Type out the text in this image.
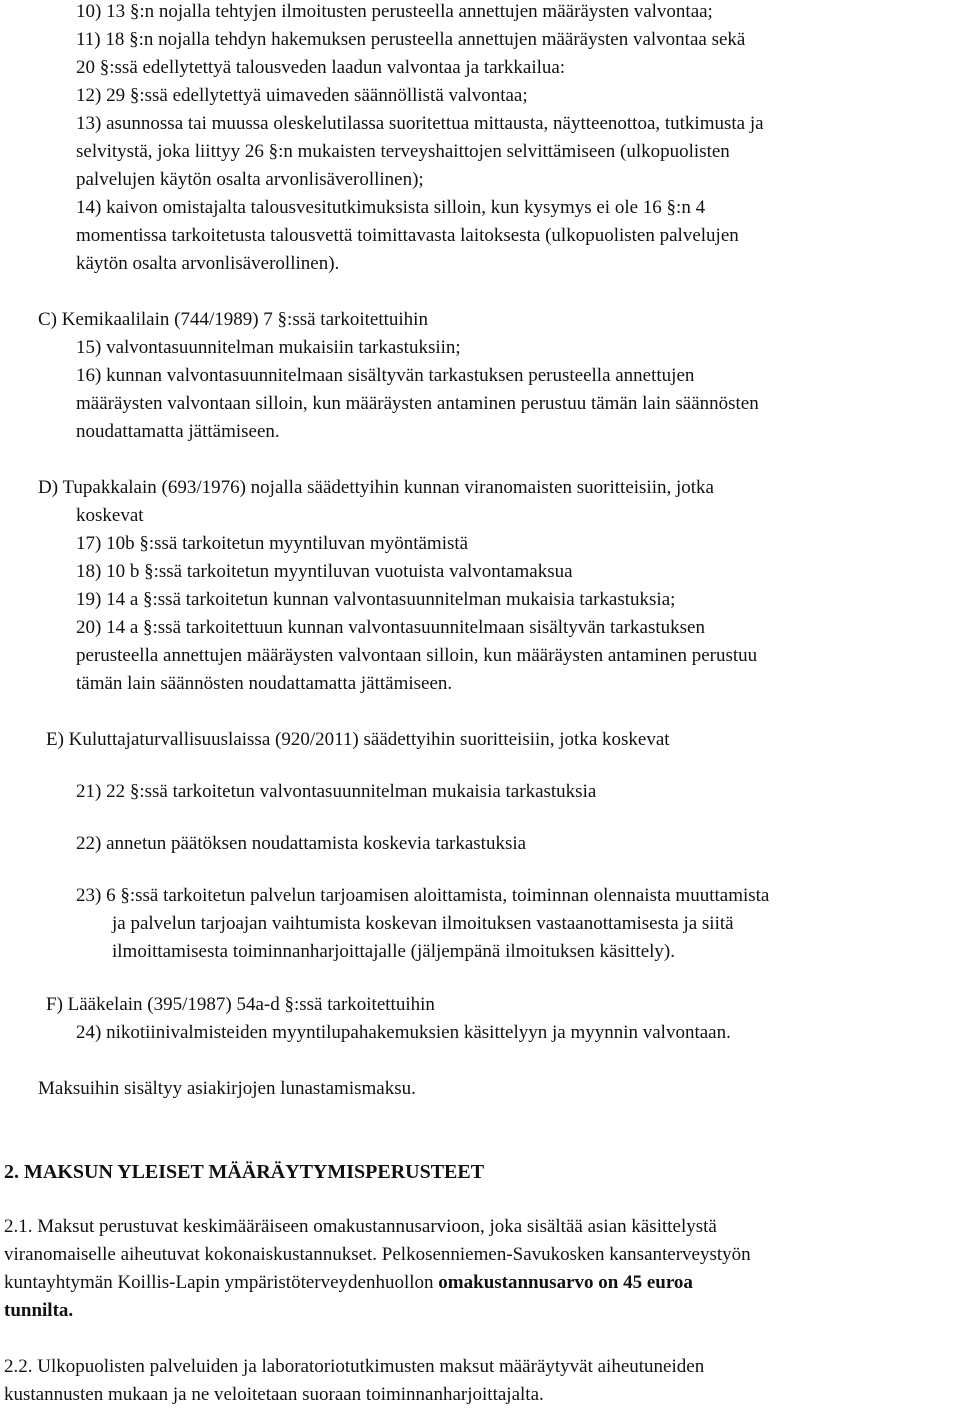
10) 13 §:n nojalla tehtyjen ilmoitusten perusteella annettujen määräysten valvontaa;

11) 18 §:n nojalla tehdyn hakemuksen perusteella annettujen määräysten valvontaa sekä

20 §:ssä edellytettyä talousveden laadun valvontaa ja tarkkailua:

12) 29 §:ssä edellytettyä uimaveden säännöllistä valvontaa;

13) asunnossa tai muussa oleskelutilassa suoritettua mittausta, näytteenottoa, tutkimusta ja

selvitystä, joka liittyy 26 §:n mukaisten terveyshaittojen selvittämiseen (ulkopuolisten

palvelujen käytön osalta arvonlisäverollinen);

14) kaivon omistajalta talousvesitutkimuksista silloin, kun kysymys ei ole 16 §:n 4

momentissa tarkoitetusta talousvettä toimittavasta laitoksesta (ulkopuolisten palvelujen

käytön osalta arvonlisäverollinen).

C) Kemikaalilain (744/1989) 7 §:ssä tarkoitettuihin

15) valvontasuunnitelman mukaisiin tarkastuksiin;

16) kunnan valvontasuunnitelmaan sisältyvän tarkastuksen perusteella annettujen

määräysten valvontaan silloin, kun määräysten antaminen perustuu tämän lain säännösten

noudattamatta jättämiseen.

D) Tupakkalain (693/1976) nojalla säädettyihin kunnan viranomaisten suoritteisiin, jotka

koskevat

17) 10b §:ssä tarkoitetun myyntiluvan myöntämistä

18) 10 b §:ssä tarkoitetun myyntiluvan vuotuista valvontamaksua

19) 14 a §:ssä tarkoitetun kunnan valvontasuunnitelman mukaisia tarkastuksia;

20) 14 a §:ssä tarkoitettuun kunnan valvontasuunnitelmaan sisältyvän tarkastuksen

perusteella annettujen määräysten valvontaan silloin, kun määräysten antaminen perustuu

tämän lain säännösten noudattamatta jättämiseen.

E) Kuluttajaturvallisuuslaissa (920/2011) säädettyihin suoritteisiin, jotka koskevat

21) 22 §:ssä tarkoitetun valvontasuunnitelman mukaisia tarkastuksia

22) annetun päätöksen noudattamista koskevia tarkastuksia

23) 6 §:ssä tarkoitetun palvelun tarjoamisen aloittamista, toiminnan olennaista muuttamista

ja palvelun tarjoajan vaihtumista koskevan ilmoituksen vastaanottamisesta ja siitä

ilmoittamisesta toiminnanharjoittajalle (jäljempänä ilmoituksen käsittely).

F) Lääkelain (395/1987) 54a-d §:ssä tarkoitettuihin

24) nikotiinivalmisteiden myyntilupahakemuksien käsittelyyn ja myynnin valvontaan.

Maksuihin sisältyy asiakirjojen lunastamismaksu.

2. MAKSUN YLEISET MÄÄRÄYTYMISPERUSTEET

2.1. Maksut perustuvat keskimääräiseen omakustannusarvioon, joka sisältää asian käsittelystä

viranomaiselle aiheutuvat kokonaiskustannukset. Pelkosenniemen-Savukosken kansanterveystyön

kuntayhtymän Koillis-Lapin ympäristöterveydenhuollon omakustannusarvo on 45 euroa

tunnilta.

2.2. Ulkopuolisten palveluiden ja laboratoriotutkimusten maksut määräytyvät aiheutuneiden

kustannusten mukaan ja ne veloitetaan suoraan toiminnanharjoittajalta.
